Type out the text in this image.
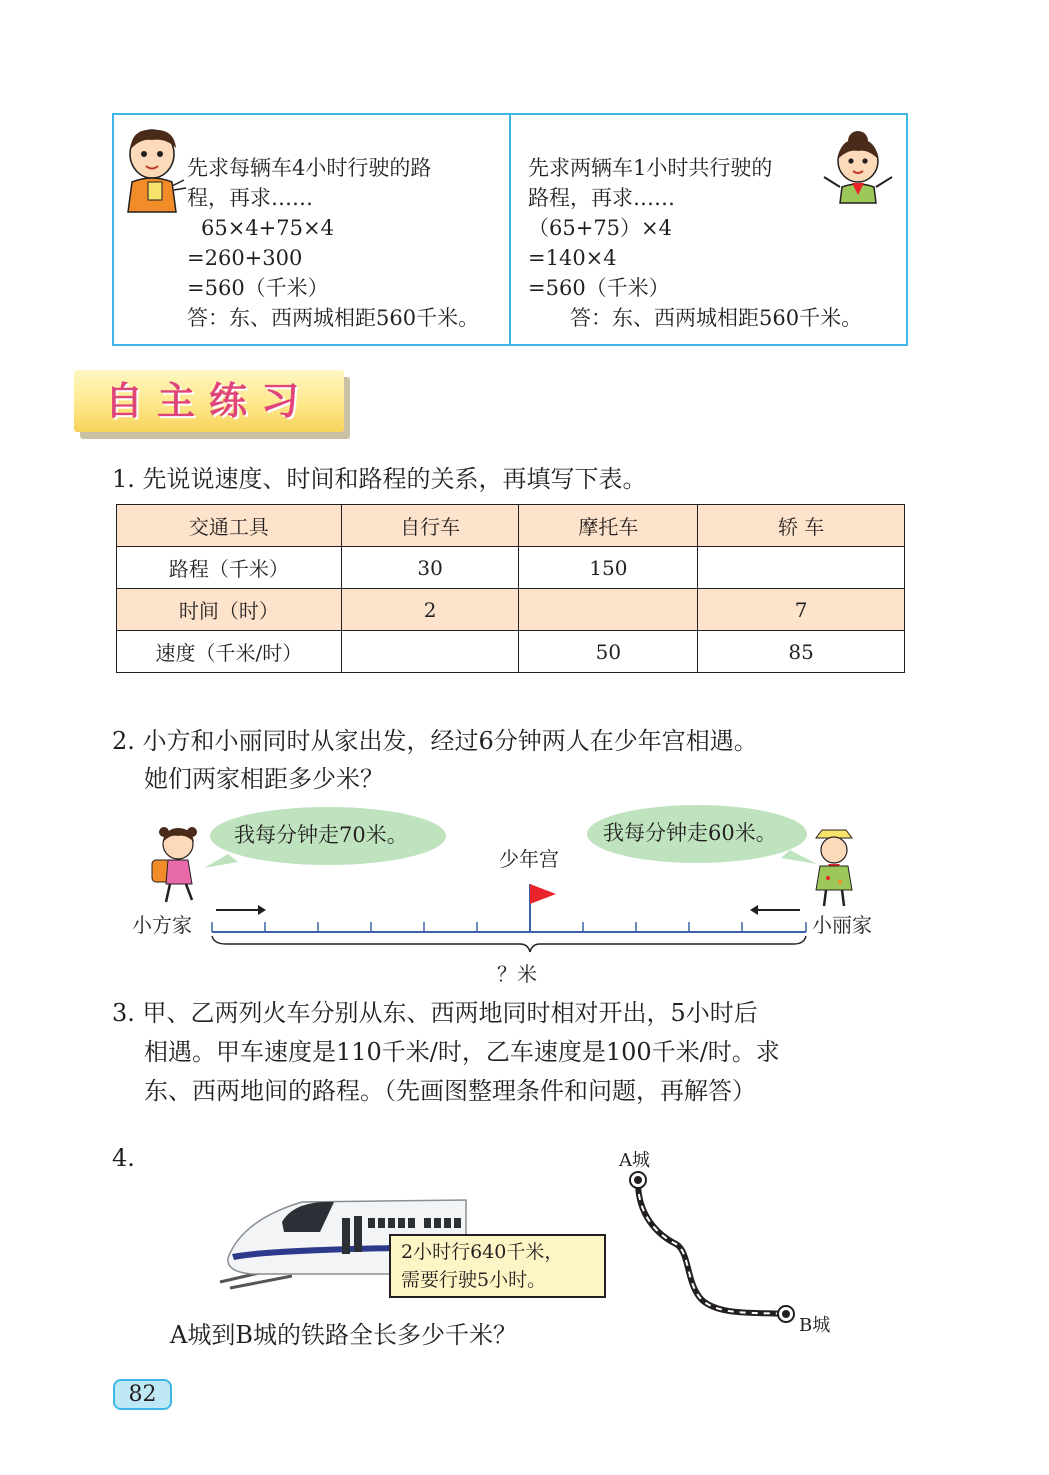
先求每辆车4小时行驶的路
程，再求……
65×4+75×4
=260+300
=560（千米）
答：东、西两城相距560千米。
先求两辆车1小时共行驶的
路程，再求……
（65+75）×4
=140×4
=560（千米）
答：东、西两城相距560千米。
自主练习
1. 先说说速度、时间和路程的关系，再填写下表。
交通工具	自行车	摩托车	轿 车
路程（千米）	30	150	
时间（时）	2		7
速度（千米/时）		50	85
2. 小方和小丽同时从家出发，经过6分钟两人在少年宫相遇。
她们两家相距多少米？
我每分钟走70米。	我每分钟走60米。
少年宫
小方家	小丽家
？米
3. 甲、乙两列火车分别从东、西两地同时相对开出，5小时后
相遇。甲车速度是110千米/时，乙车速度是100千米/时。求
东、西两地间的路程。（先画图整理条件和问题，再解答）
4.
2小时行640千米，
需要行驶5小时。
A城到B城的铁路全长多少千米？
A城
B城
82
